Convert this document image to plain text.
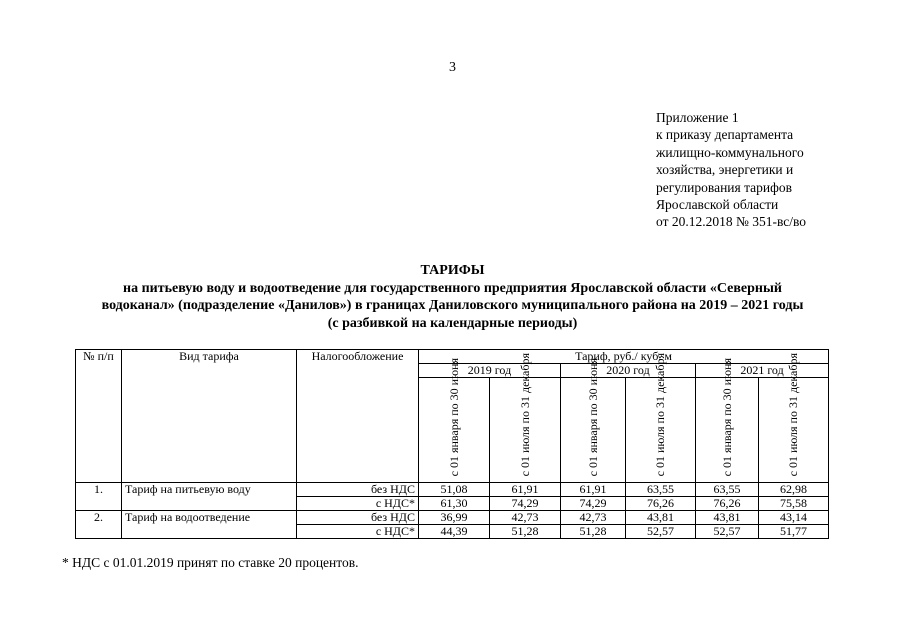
3
Приложение 1
к приказу департамента
жилищно-коммунального
хозяйства, энергетики и
регулирования тарифов
Ярославской области
от 20.12.2018 № 351-вс/во
ТАРИФЫ
на питьевую воду и водоотведение для государственного предприятия Ярославской области «Северный
водоканал» (подразделение «Данилов») в границах Даниловского муниципального района на 2019 – 2021 годы
(с разбивкой на календарные периоды)
№ п/п	Вид тарифа	Налогообложение	Тариф, руб./ куб. м					
			2019 год		2020 год		2021 год	

			с 01 января по 30 июня	с 01 июля по 31 декабря	с 01 января по 30 июня	с 01 июля по 31 декабря	с 01 января по 30 июня	с 01 июля по 31 декабря

1.	Тариф на питьевую воду	без НДС	51,08	61,91	61,91	63,55	63,55	62,98
		с НДС*	61,30	74,29	74,29	76,26	76,26	75,58
2.	Тариф на водоотведение	без НДС	36,99	42,73	42,73	43,81	43,81	43,14
		с НДС*	44,39	51,28	51,28	52,57	52,57	51,77
* НДС с 01.01.2019 принят по ставке 20 процентов.
